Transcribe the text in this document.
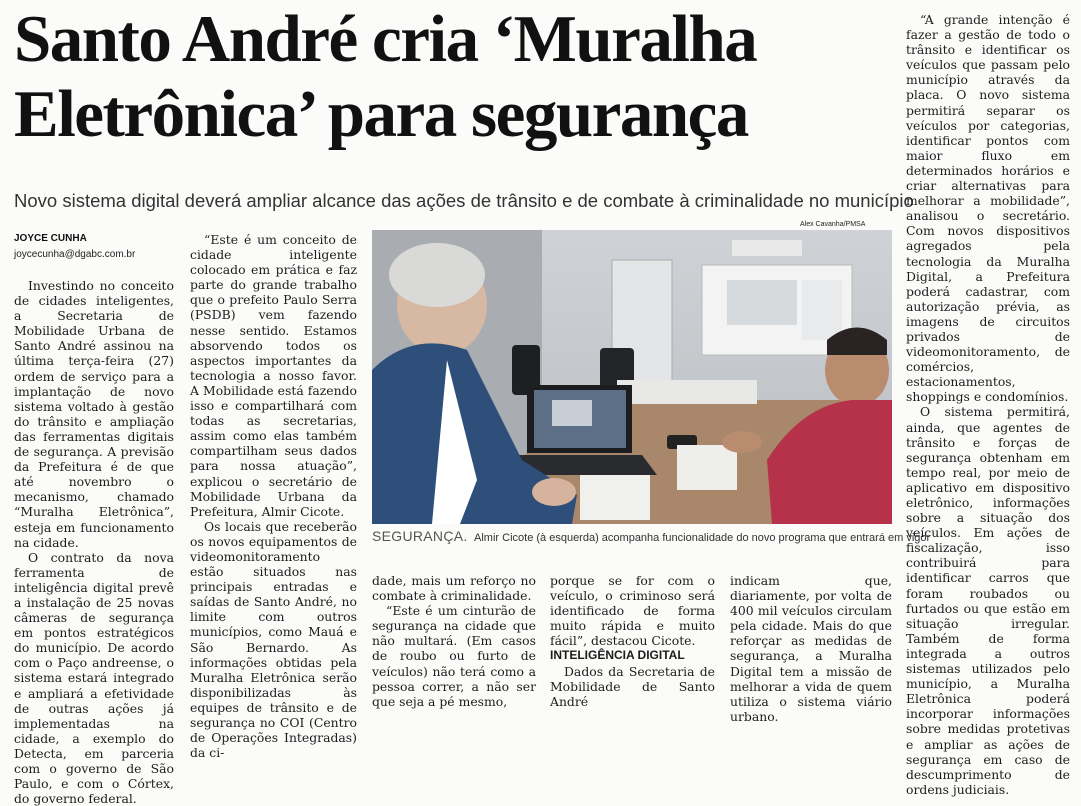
Santo André cria ‘Muralha Eletrônica’ para segurança

Novo sistema digital deverá ampliar alcance das ações de trânsito e de combate à criminalidade no município

JOYCE CUNHA
joycecunha@dgabc.com.br

Investindo no conceito de cidades inteligentes, a Secretaria de Mobilidade Urbana de Santo André assinou na última terça-feira (27) ordem de serviço para a implantação de novo sistema voltado à gestão do trânsito e ampliação das ferramentas digitais de segurança. A previsão da Prefeitura é de que até novembro o mecanismo, chamado “Muralha Eletrônica”, esteja em funcionamento na cidade.

O contrato da nova ferramenta de inteligência digital prevê a instalação de 25 novas câmeras de segurança em pontos estratégicos do município. De acordo com o Paço andreense, o sistema estará integrado e ampliará a efetividade de outras ações já implementadas na cidade, a exemplo do Detecta, em parceria com o governo de São Paulo, e com o Córtex, do governo federal.

“Este é um conceito de cidade inteligente colocado em prática e faz parte do grande trabalho que o prefeito Paulo Serra (PSDB) vem fazendo nesse sentido. Estamos absorvendo todos os aspectos importantes da tecnologia a nosso favor. A Mobilidade está fazendo isso e compartilhará com todas as secretarias, assim como elas também compartilham seus dados para nossa atuação”, explicou o secretário de Mobilidade Urbana da Prefeitura, Almir Cicote.

Os locais que receberão os novos equipamentos de videomonitoramento estão situados nas principais entradas e saídas de Santo André, no limite com outros municípios, como Mauá e São Bernardo. As informações obtidas pela Muralha Eletrônica serão disponibilizadas às equipes de trânsito e de segurança no COI (Centro de Operações Integradas) da ci-

Alex Cavanha/PMSA
SEGURANÇA. Almir Cicote (à esquerda) acompanha funcionalidade do novo programa que entrará em vigor

dade, mais um reforço no combate à criminalidade.

“Este é um cinturão de segurança na cidade que não multará. (Em casos de roubo ou furto de veículos) não terá como a pessoa correr, a não ser que seja a pé mesmo,

porque se for com o veículo, o criminoso será identificado de forma muito rápida e muito fácil”, destacou Cicote.

INTELIGÊNCIA DIGITAL

Dados da Secretaria de Mobilidade de Santo André

indicam que, diariamente, por volta de 400 mil veículos circulam pela cidade. Mais do que reforçar as medidas de segurança, a Muralha Digital tem a missão de melhorar a vida de quem utiliza o sistema viário urbano.

“A grande intenção é fazer a gestão de todo o trânsito e identificar os veículos que passam pelo município através da placa. O novo sistema permitirá separar os veículos por categorias, identificar pontos com maior fluxo em determinados horários e criar alternativas para melhorar a mobilidade”, analisou o secretário. Com novos dispositivos agregados pela tecnologia da Muralha Digital, a Prefeitura poderá cadastrar, com autorização prévia, as imagens de circuitos privados de videomonitoramento, de comércios, estacionamentos, shoppings e condomínios.

O sistema permitirá, ainda, que agentes de trânsito e forças de segurança obtenham em tempo real, por meio de aplicativo em dispositivo eletrônico, informações sobre a situação dos veículos. Em ações de fiscalização, isso contribuirá para identificar carros que foram roubados ou furtados ou que estão em situação irregular. Também de forma integrada a outros sistemas utilizados pelo município, a Muralha Eletrônica poderá incorporar informações sobre medidas protetivas e ampliar as ações de segurança em caso de descumprimento de ordens judiciais.
